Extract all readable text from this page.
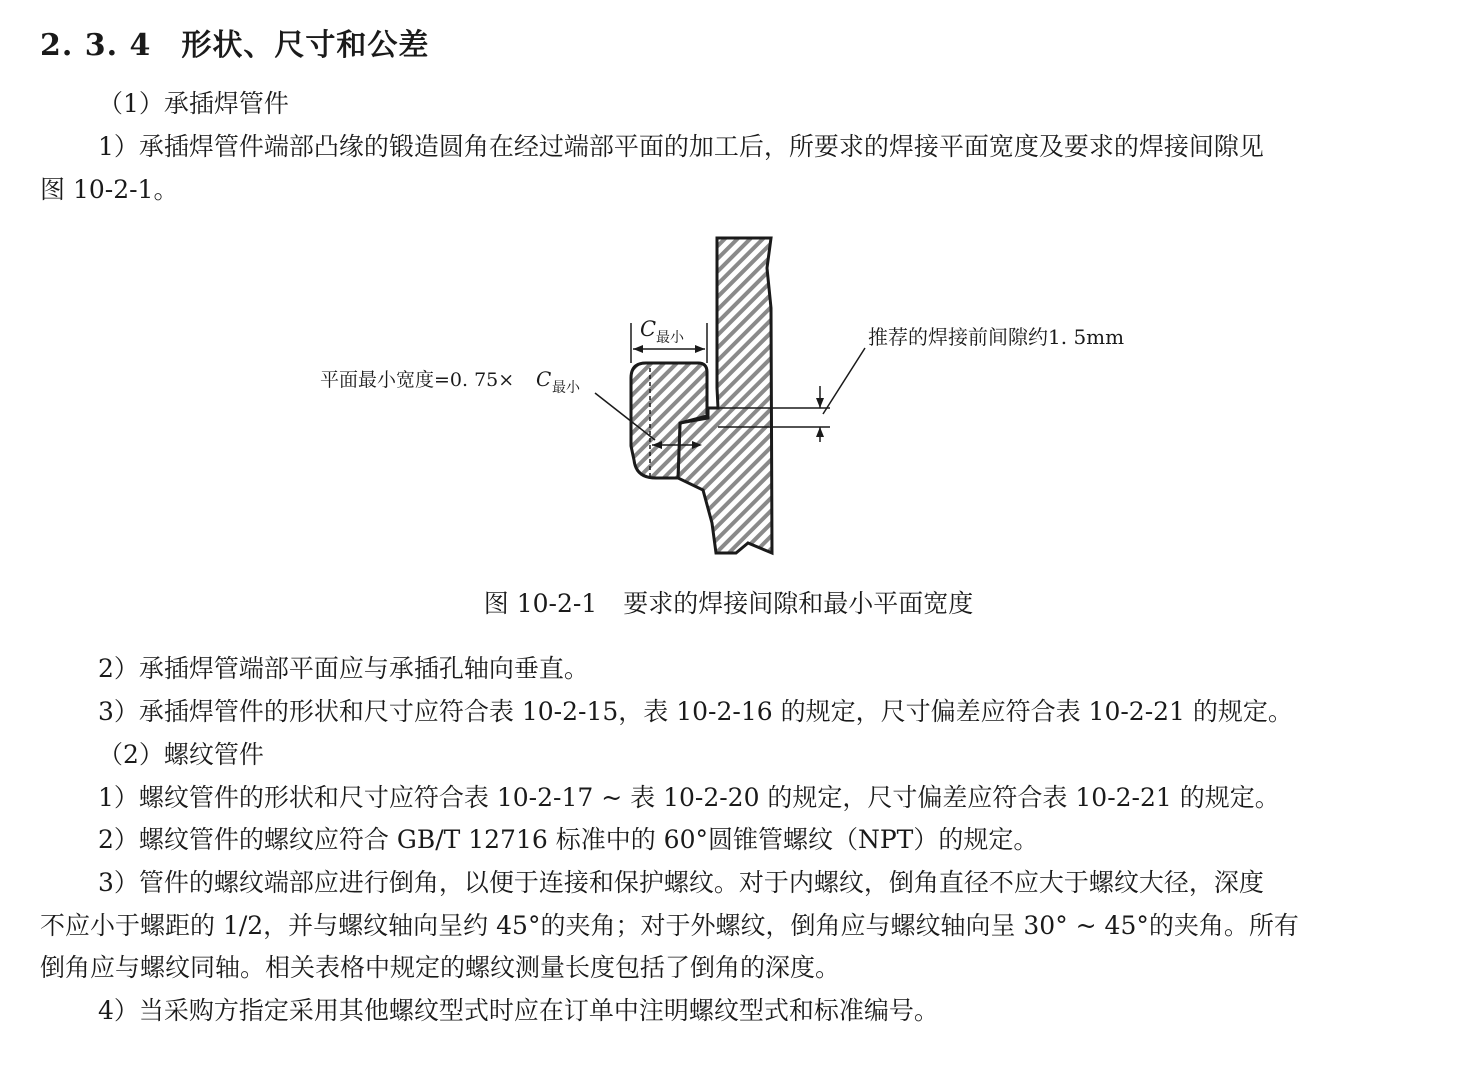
2. 3. 4 形状、尺寸和公差
（1）承插焊管件
1）承插焊管件端部凸缘的锻造圆角在经过端部平面的加工后，所要求的焊接平面宽度及要求的焊接间隙见
图 10-2-1。
C 最小	推荐的焊接前间隙约1. 5mm
平面最小宽度=0. 75× C 最小
图 10-2-1 要求的焊接间隙和最小平面宽度
2）承插焊管端部平面应与承插孔轴向垂直。
3）承插焊管件的形状和尺寸应符合表 10-2-15，表 10-2-16 的规定，尺寸偏差应符合表 10-2-21 的规定。
（2）螺纹管件
1）螺纹管件的形状和尺寸应符合表 10-2-17 ~ 表 10-2-20 的规定，尺寸偏差应符合表 10-2-21 的规定。
2）螺纹管件的螺纹应符合 GB/T 12716 标准中的 60°圆锥管螺纹（NPT）的规定。
3）管件的螺纹端部应进行倒角，以便于连接和保护螺纹。对于内螺纹，倒角直径不应大于螺纹大径，深度
不应小于螺距的 1/2，并与螺纹轴向呈约 45°的夹角；对于外螺纹，倒角应与螺纹轴向呈 30° ~ 45°的夹角。所有
倒角应与螺纹同轴。相关表格中规定的螺纹测量长度包括了倒角的深度。
4）当采购方指定采用其他螺纹型式时应在订单中注明螺纹型式和标准编号。
